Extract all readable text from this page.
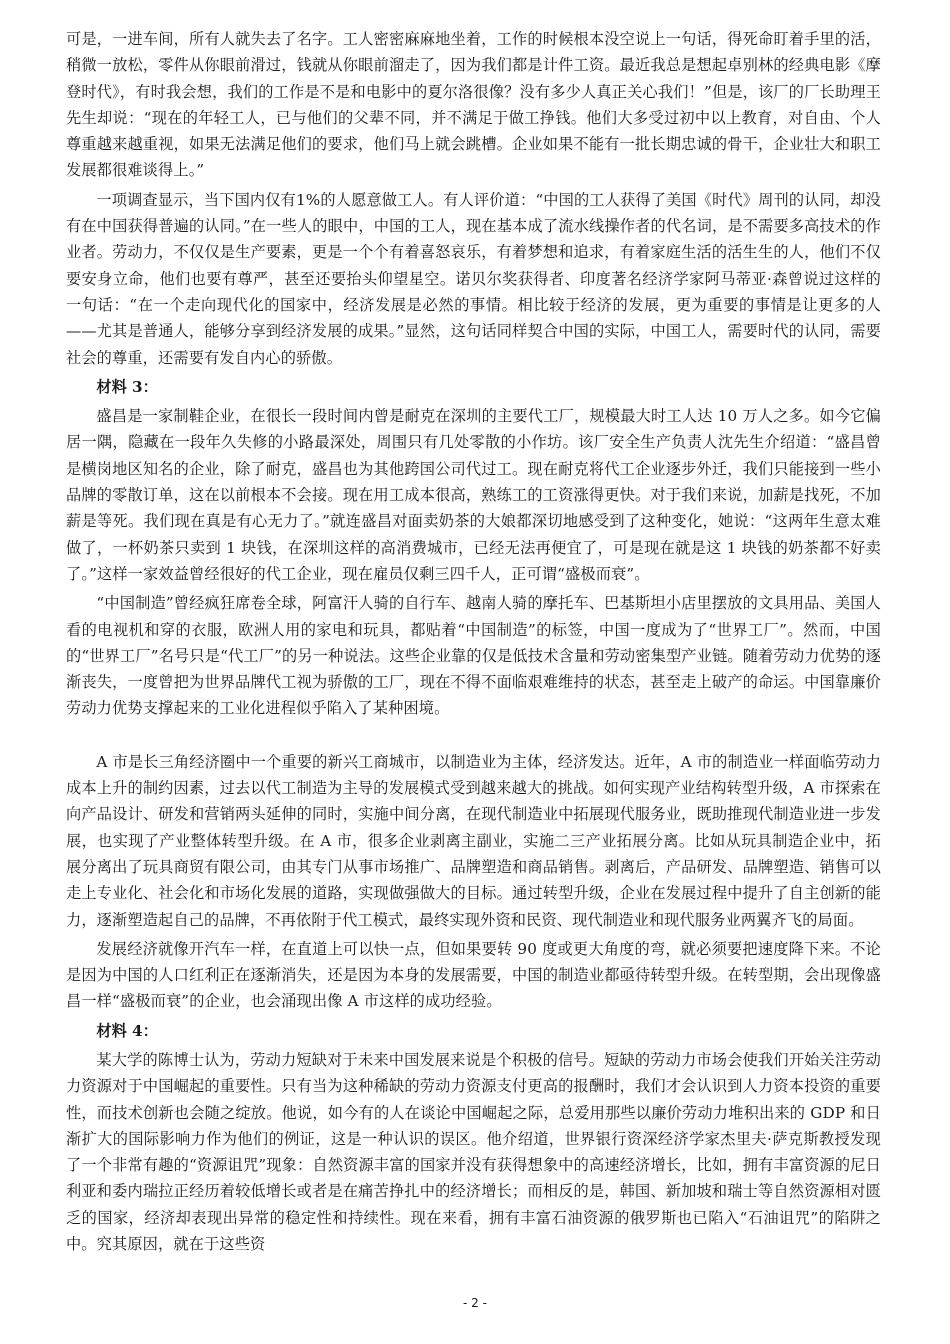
可是，一进车间，所有人就失去了名字。工人密密麻麻地坐着，工作的时候根本没空说上一句话，得死命盯着手里的活，稍微一放松，零件从你眼前滑过，钱就从你眼前溜走了，因为我们都是计件工资。最近我总是想起卓别林的经典电影《摩登时代》，有时我会想，我们的工作是不是和电影中的夏尔洛很像？没有多少人真正关心我们！”但是，该厂的厂长助理王先生却说：“现在的年轻工人，已与他们的父辈不同，并不满足于做工挣钱。他们大多受过初中以上教育，对自由、个人尊重越来越重视，如果无法满足他们的要求，他们马上就会跳槽。企业如果不能有一批长期忠诚的骨干，企业壮大和职工发展都很难谈得上。”

一项调查显示，当下国内仅有1%的人愿意做工人。有人评价道：“中国的工人获得了美国《时代》周刊的认同，却没有在中国获得普遍的认同。”在一些人的眼中，中国的工人，现在基本成了流水线操作者的代名词，是不需要多高技术的作业者。劳动力，不仅仅是生产要素，更是一个个有着喜怒哀乐，有着梦想和追求，有着家庭生活的活生生的人，他们不仅要安身立命，他们也要有尊严，甚至还要抬头仰望星空。诺贝尔奖获得者、印度著名经济学家阿马蒂亚·森曾说过这样的一句话：“在一个走向现代化的国家中，经济发展是必然的事情。相比较于经济的发展，更为重要的事情是让更多的人——尤其是普通人，能够分享到经济发展的成果。”显然，这句话同样契合中国的实际，中国工人，需要时代的认同，需要社会的尊重，还需要有发自内心的骄傲。

材料 3：

盛昌是一家制鞋企业，在很长一段时间内曾是耐克在深圳的主要代工厂，规模最大时工人达 10 万人之多。如今它偏居一隅，隐藏在一段年久失修的小路最深处，周围只有几处零散的小作坊。该厂安全生产负责人沈先生介绍道：“盛昌曾是横岗地区知名的企业，除了耐克，盛昌也为其他跨国公司代过工。现在耐克将代工企业逐步外迁，我们只能接到一些小品牌的零散订单，这在以前根本不会接。现在用工成本很高，熟练工的工资涨得更快。对于我们来说，加薪是找死，不加薪是等死。我们现在真是有心无力了。”就连盛昌对面卖奶茶的大娘都深切地感受到了这种变化，她说：“这两年生意太难做了，一杯奶茶只卖到 1 块钱，在深圳这样的高消费城市，已经无法再便宜了，可是现在就是这 1 块钱的奶茶都不好卖了。”这样一家效益曾经很好的代工企业，现在雇员仅剩三四千人，正可谓“盛极而衰”。

“中国制造”曾经疯狂席卷全球，阿富汗人骑的自行车、越南人骑的摩托车、巴基斯坦小店里摆放的文具用品、美国人看的电视机和穿的衣服，欧洲人用的家电和玩具，都贴着“中国制造”的标签，中国一度成为了“世界工厂”。然而，中国的“世界工厂”名号只是“代工厂”的另一种说法。这些企业靠的仅是低技术含量和劳动密集型产业链。随着劳动力优势的逐渐丧失，一度曾把为世界品牌代工视为骄傲的工厂，现在不得不面临艰难维持的状态，甚至走上破产的命运。中国靠廉价劳动力优势支撑起来的工业化进程似乎陷入了某种困境。

A 市是长三角经济圈中一个重要的新兴工商城市，以制造业为主体，经济发达。近年，A 市的制造业一样面临劳动力成本上升的制约因素，过去以代工制造为主导的发展模式受到越来越大的挑战。如何实现产业结构转型升级，A 市探索在向产品设计、研发和营销两头延伸的同时，实施中间分离，在现代制造业中拓展现代服务业，既助推现代制造业进一步发展，也实现了产业整体转型升级。在 A 市，很多企业剥离主副业，实施二三产业拓展分离。比如从玩具制造企业中，拓展分离出了玩具商贸有限公司，由其专门从事市场推广、品牌塑造和商品销售。剥离后，产品研发、品牌塑造、销售可以走上专业化、社会化和市场化发展的道路，实现做强做大的目标。通过转型升级，企业在发展过程中提升了自主创新的能力，逐渐塑造起自己的品牌，不再依附于代工模式，最终实现外资和民资、现代制造业和现代服务业两翼齐飞的局面。

发展经济就像开汽车一样，在直道上可以快一点，但如果要转 90 度或更大角度的弯，就必须要把速度降下来。不论是因为中国的人口红利正在逐渐消失，还是因为本身的发展需要，中国的制造业都亟待转型升级。在转型期，会出现像盛昌一样“盛极而衰”的企业，也会涌现出像 A 市这样的成功经验。

材料 4：

某大学的陈博士认为，劳动力短缺对于未来中国发展来说是个积极的信号。短缺的劳动力市场会使我们开始关注劳动力资源对于中国崛起的重要性。只有当为这种稀缺的劳动力资源支付更高的报酬时，我们才会认识到人力资本投资的重要性，而技术创新也会随之绽放。他说，如今有的人在谈论中国崛起之际，总爱用那些以廉价劳动力堆积出来的 GDP 和日渐扩大的国际影响力作为他们的例证，这是一种认识的误区。他介绍道，世界银行资深经济学家杰里夫·萨克斯教授发现了一个非常有趣的“资源诅咒”现象：自然资源丰富的国家并没有获得想象中的高速经济增长，比如，拥有丰富资源的尼日利亚和委内瑞拉正经历着较低增长或者是在痛苦挣扎中的经济增长；而相反的是，韩国、新加坡和瑞士等自然资源相对匮乏的国家，经济却表现出异常的稳定性和持续性。现在来看，拥有丰富石油资源的俄罗斯也已陷入“石油诅咒”的陷阱之中。究其原因，就在于这些资

- 2 -
